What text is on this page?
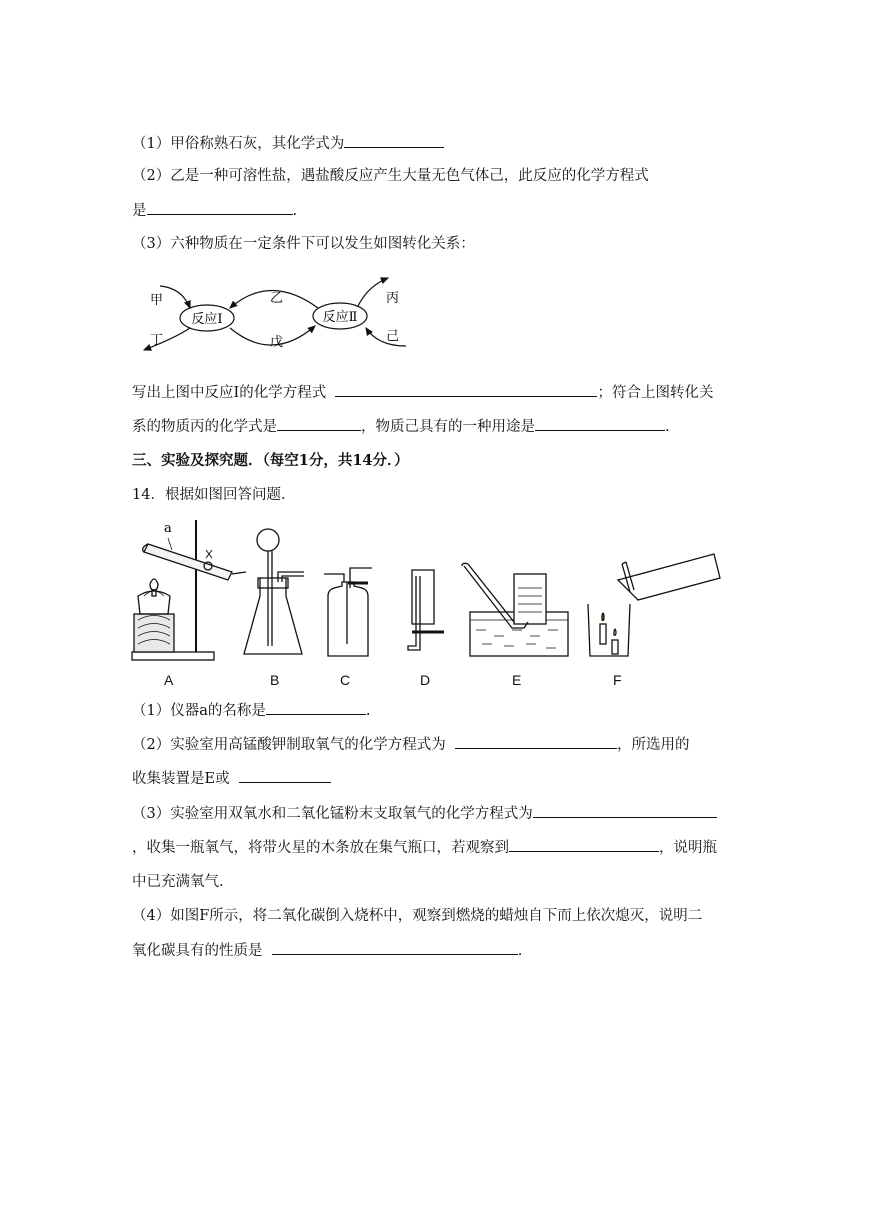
（1）甲俗称熟石灰，其化学式为
（2）乙是一种可溶性盐，遇盐酸反应产生大量无色气体己，此反应的化学方程式
是	.
（3）六种物质在一定条件下可以发生如图转化关系：
反应Ⅰ	反应Ⅱ
甲
丁
乙
戊
丙
己
写出上图中反应Ⅰ的化学方程式	；符合上图转化关
系的物质丙的化学式是	，物质己具有的一种用途是	.
三、实验及探究题．（每空1分，共14分．）
14．根据如图回答问题．
a
A	B	C	D	E	F
（1）仪器a的名称是	.
（2）实验室用高锰酸钾制取氧气的化学方程式为	，所选用的
收集装置是E或
（3）实验室用双氧水和二氧化锰粉末支取氧气的化学方程式为
，收集一瓶氧气，将带火星的木条放在集气瓶口，若观察到	，说明瓶
中已充满氧气.
（4）如图F所示，将二氧化碳倒入烧杯中，观察到燃烧的蜡烛自下而上依次熄灭，说明二
氧化碳具有的性质是	.
